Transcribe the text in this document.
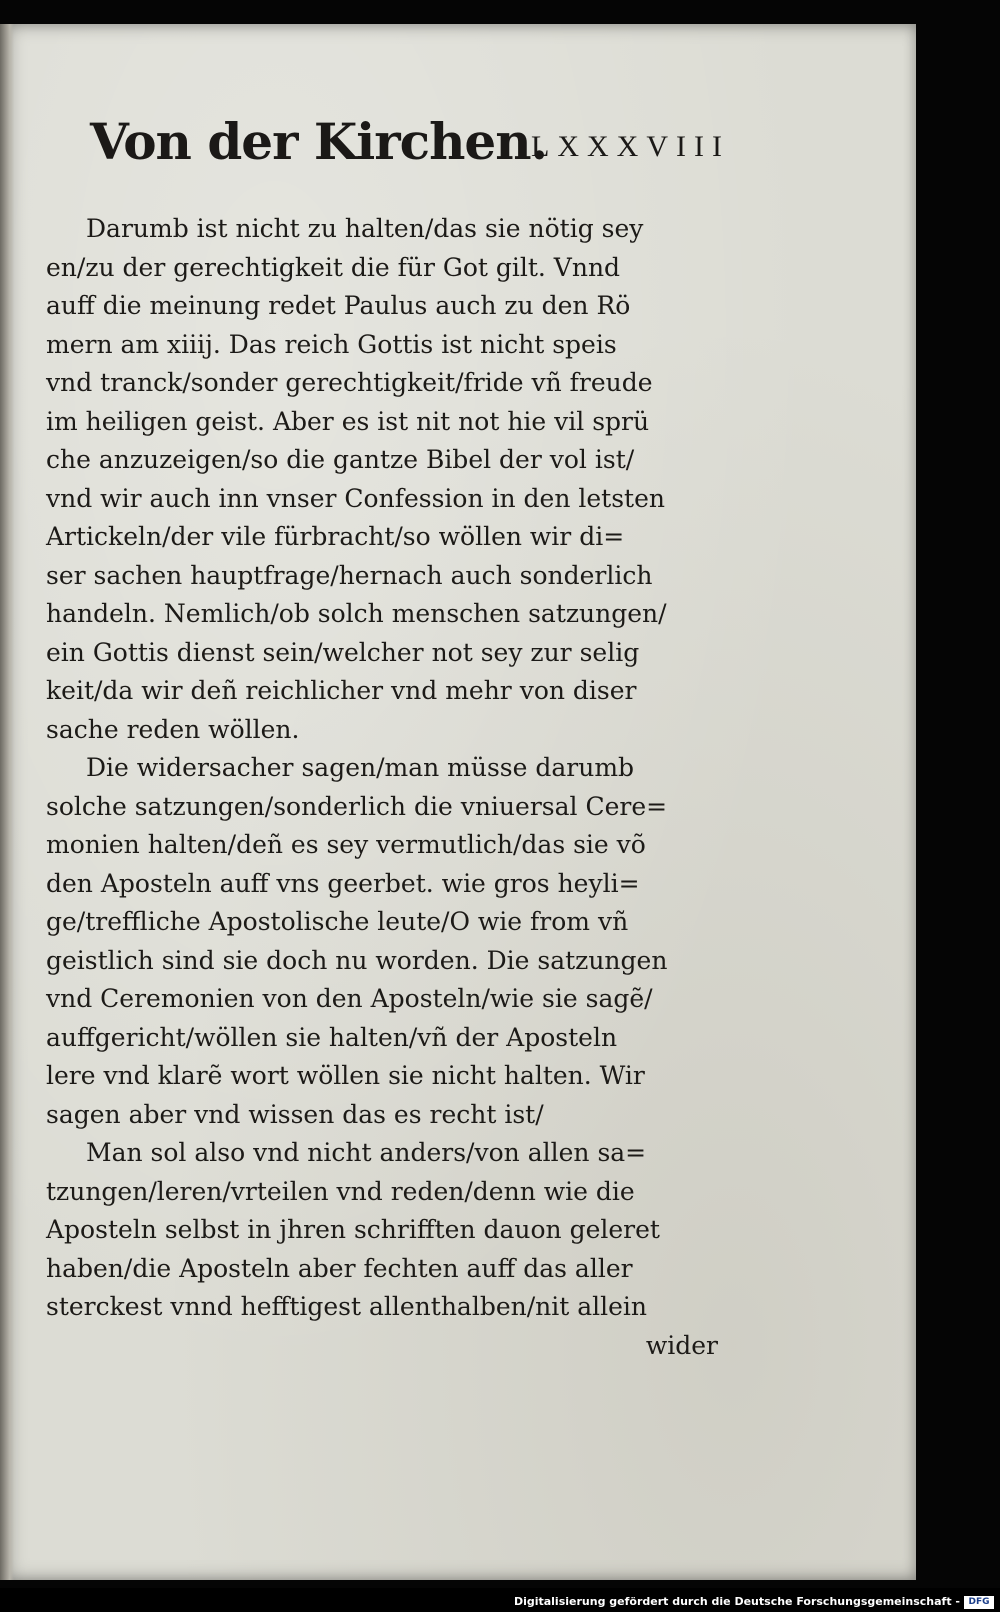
Von der Kirchen.
LXXXVIII
Darumb ist nicht zu halten/das sie nötig sey
en/zu der gerechtigkeit die für Got gilt. Vnnd
auff die meinung redet Paulus auch zu den Rö
mern am xiiij. Das reich Gottis ist nicht speis
vnd tranck/sonder gerechtigkeit/fride vñ freude
im heiligen geist. Aber es ist nit not hie vil sprü
che anzuzeigen/so die gantze Bibel der vol ist/
vnd wir auch inn vnser Confession in den letsten
Artickeln/der vile fürbracht/so wöllen wir di=
ser sachen hauptfrage/hernach auch sonderlich
handeln. Nemlich/ob solch menschen satzungen/
ein Gottis dienst sein/welcher not sey zur selig
keit/da wir deñ reichlicher vnd mehr von diser
sache reden wöllen.
Die widersacher sagen/man müsse darumb
solche satzungen/sonderlich die vniuersal Cere=
monien halten/deñ es sey vermutlich/das sie võ
den Aposteln auff vns geerbet. wie gros heyli=
ge/treffliche Apostolische leute/O wie from vñ
geistlich sind sie doch nu worden. Die satzungen
vnd Ceremonien von den Aposteln/wie sie sagẽ/
auffgericht/wöllen sie halten/vñ der Aposteln
lere vnd klarẽ wort wöllen sie nicht halten. Wir
sagen aber vnd wissen das es recht ist/
Man sol also vnd nicht anders/von allen sa=
tzungen/leren/vrteilen vnd reden/denn wie die
Aposteln selbst in jhren schrifften dauon geleret
haben/die Aposteln aber fechten auff das aller
sterckest vnnd hefftigest allenthalben/nit allein
wider
Digitalisierung gefördert durch die Deutsche Forschungsgemeinschaft - DFG
